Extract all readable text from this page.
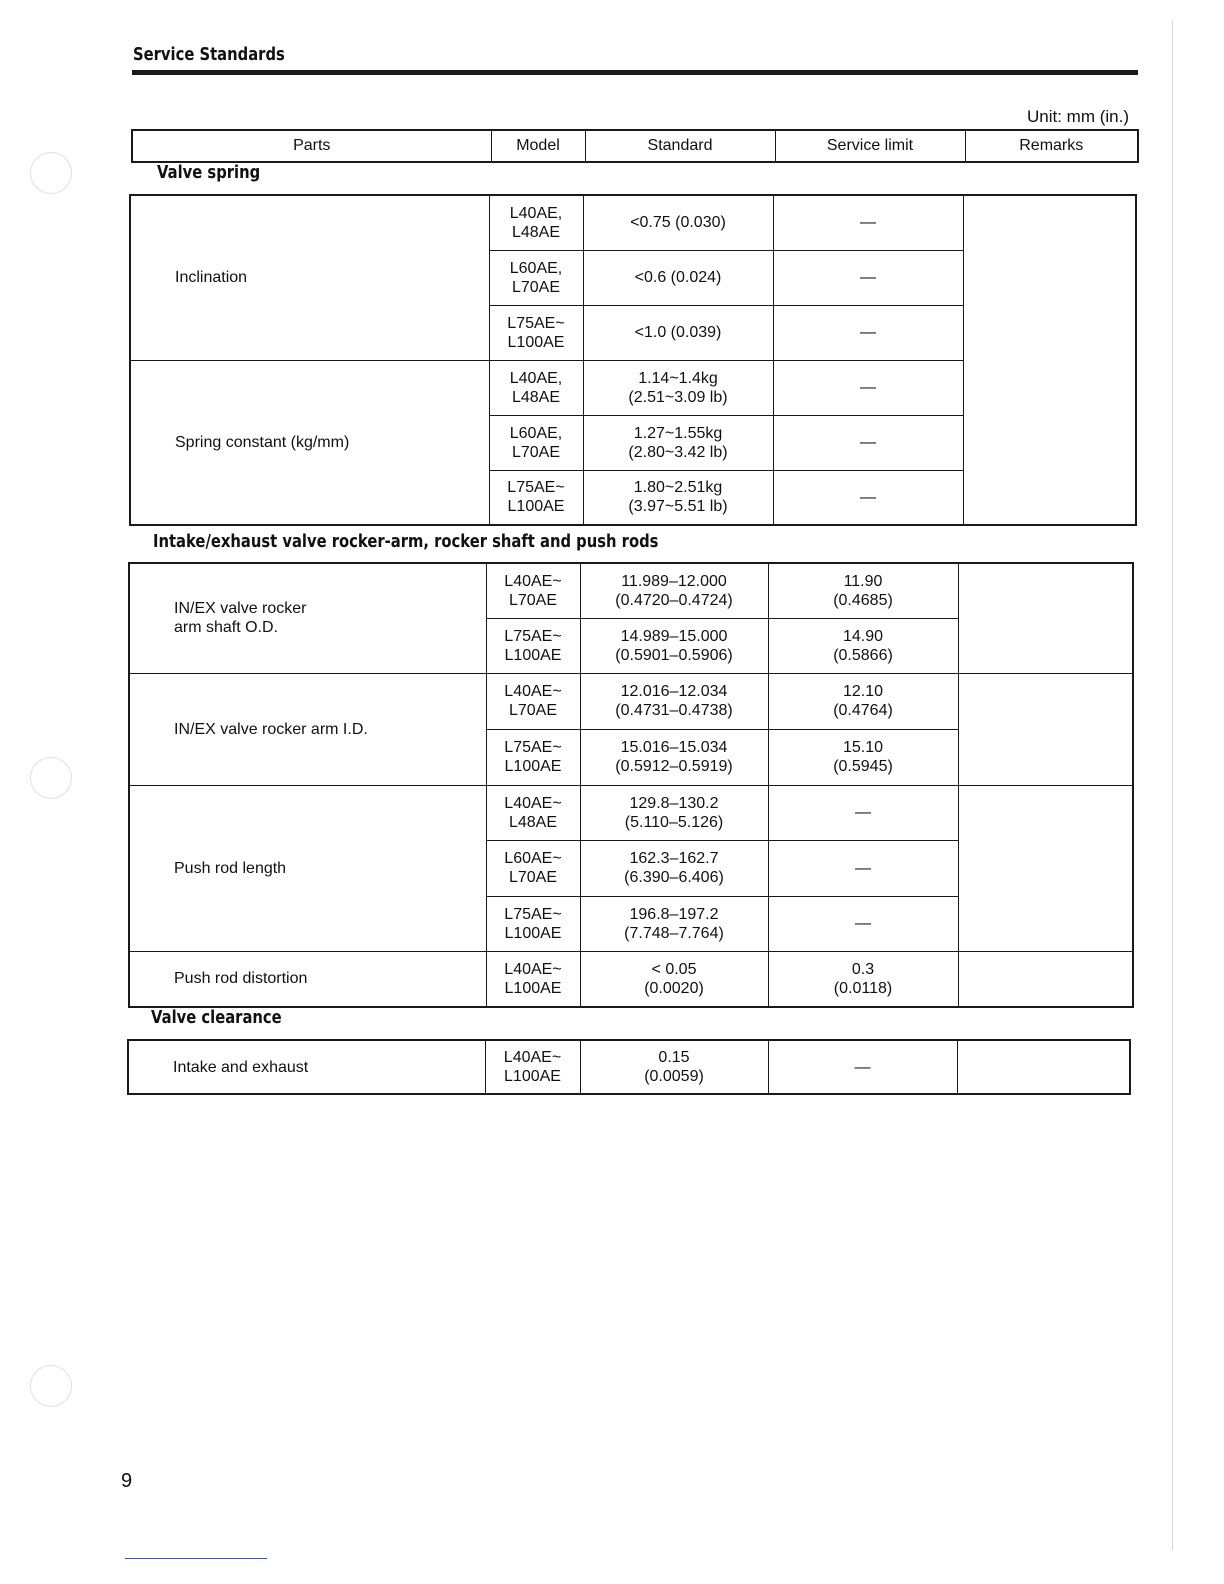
Service Standards
Unit: mm (in.)
Parts	Model	Standard	Service limit	Remarks
Valve spring
Inclination	L40AE,
L48AE	<0.75 (0.030)	—	
	L60AE,
L70AE	<0.6 (0.024)	—	
	L75AE~
L100AE	<1.0 (0.039)	—	

Spring constant (kg/mm)	L40AE,
L48AE	1.14~1.4kg
(2.51~3.09 lb)	—	
	L60AE,
L70AE	1.27~1.55kg
(2.80~3.42 lb)	—	
	L75AE~
L100AE	1.80~2.51kg
(3.97~5.51 lb)	—	
Intake/exhaust valve rocker-arm, rocker shaft and push rods
IN/EX valve rocker
arm shaft O.D.	L40AE~
L70AE	11.989–12.000
(0.4720–0.4724)	11.90
(0.4685)	
	L75AE~
L100AE	14.989–15.000
(0.5901–0.5906)	14.90
(0.5866)	

IN/EX valve rocker arm I.D.	L40AE~
L70AE	12.016–12.034
(0.4731–0.4738)	12.10
(0.4764)	
	L75AE~
L100AE	15.016–15.034
(0.5912–0.5919)	15.10
(0.5945)	

Push rod length	L40AE~
L48AE	129.8–130.2
(5.110–5.126)	—	
	L60AE~
L70AE	162.3–162.7
(6.390–6.406)	—	
	L75AE~
L100AE	196.8–197.2
(7.748–7.764)	—	

Push rod distortion	L40AE~
L100AE	< 0.05
(0.0020)	0.3
(0.0118)	
Valve clearance
Intake and exhaust
	L40AE~
L100AE	0.15
(0.0059)	—	
9
